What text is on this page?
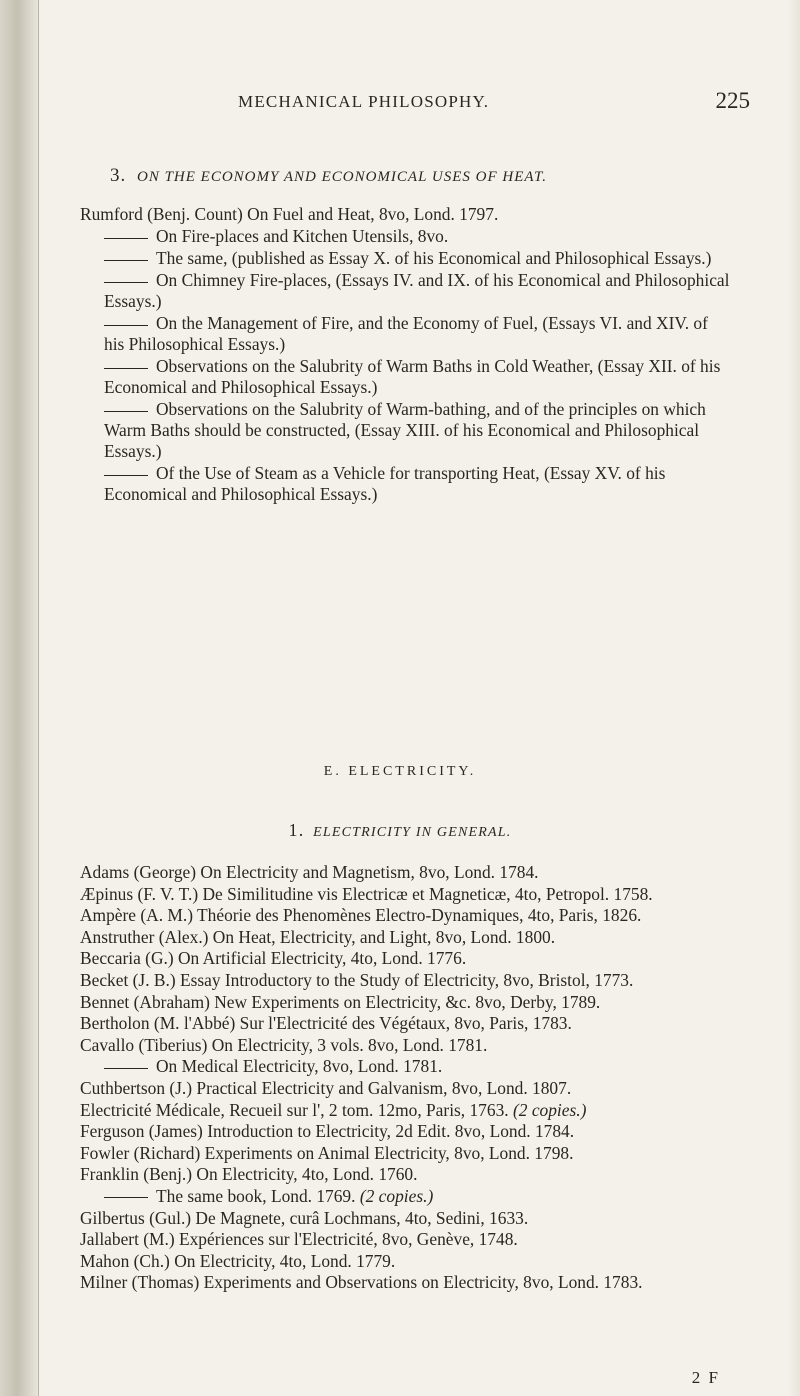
MECHANICAL PHILOSOPHY.	225
3. ON THE ECONOMY AND ECONOMICAL USES OF HEAT.

Rumford (Benj. Count) On Fuel and Heat, 8vo, Lond. 1797.

On Fire-places and Kitchen Utensils, 8vo.

The same, (published as Essay X. of his Economical and Philosophical Essays.)

On Chimney Fire-places, (Essays IV. and IX. of his Economical and Philosophical Essays.)

On the Management of Fire, and the Economy of Fuel, (Essays VI. and XIV. of his Philosophical Essays.)

Observations on the Salubrity of Warm Baths in Cold Weather, (Essay XII. of his Economical and Philosophical Essays.)

Observations on the Salubrity of Warm-bathing, and of the principles on which Warm Baths should be constructed, (Essay XIII. of his Economical and Philosophical Essays.)

Of the Use of Steam as a Vehicle for transporting Heat, (Essay XV. of his Economical and Philosophical Essays.)

E. ELECTRICITY.
1. ELECTRICITY IN GENERAL.

Adams (George) On Electricity and Magnetism, 8vo, Lond. 1784.

Æpinus (F. V. T.) De Similitudine vis Electricæ et Magneticæ, 4to, Petropol. 1758.

Ampère (A. M.) Théorie des Phenomènes Electro-Dynamiques, 4to, Paris, 1826.

Anstruther (Alex.) On Heat, Electricity, and Light, 8vo, Lond. 1800.

Beccaria (G.) On Artificial Electricity, 4to, Lond. 1776.

Becket (J. B.) Essay Introductory to the Study of Electricity, 8vo, Bristol, 1773.

Bennet (Abraham) New Experiments on Electricity, &c. 8vo, Derby, 1789.

Bertholon (M. l'Abbé) Sur l'Electricité des Végétaux, 8vo, Paris, 1783.

Cavallo (Tiberius) On Electricity, 3 vols. 8vo, Lond. 1781.

On Medical Electricity, 8vo, Lond. 1781.

Cuthbertson (J.) Practical Electricity and Galvanism, 8vo, Lond. 1807.

Electricité Médicale, Recueil sur l', 2 tom. 12mo, Paris, 1763. (2 copies.)

Ferguson (James) Introduction to Electricity, 2d Edit. 8vo, Lond. 1784.

Fowler (Richard) Experiments on Animal Electricity, 8vo, Lond. 1798.

Franklin (Benj.) On Electricity, 4to, Lond. 1760.

The same book, Lond. 1769. (2 copies.)

Gilbertus (Gul.) De Magnete, curâ Lochmans, 4to, Sedini, 1633.

Jallabert (M.) Expériences sur l'Electricité, 8vo, Genève, 1748.

Mahon (Ch.) On Electricity, 4to, Lond. 1779.

Milner (Thomas) Experiments and Observations on Electricity, 8vo, Lond. 1783.

2 F
